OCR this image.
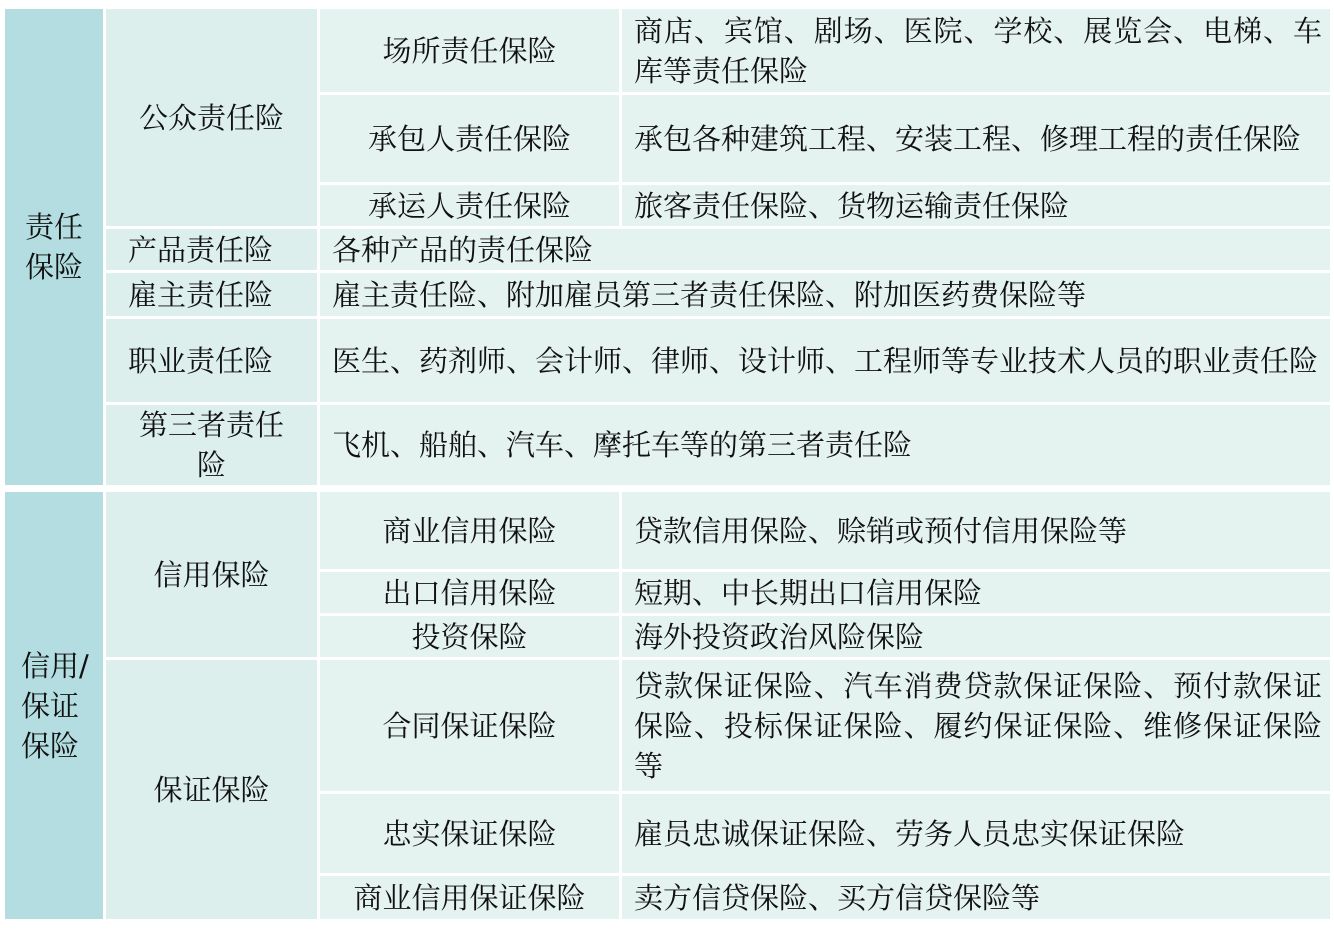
责任保险	公众责任险	场所责任保险	商店、宾馆、剧场、医院、学校、展览会、电梯、车库等责任保险
		承包人责任保险	承包各种建筑工程、安装工程、修理工程的责任保险
		承运人责任保险	旅客责任保险、货物运输责任保险
	产品责任险	各种产品的责任保险	
	雇主责任险	雇主责任险、附加雇员第三者责任保险、附加医药费保险等	
	职业责任险	医生、药剂师、会计师、律师、设计师、工程师等专业技术人员的职业责任险	

	第三者责任险	飞机、船舶、汽车、摩托车等的第三者责任险	

信用/保证保险	信用保险	商业信用保险	贷款信用保险、赊销或预付信用保险等
		出口信用保险	短期、中长期出口信用保险
		投资保险	海外投资政治风险保险
	保证保险	合同保证保险	贷款保证保险、汽车消费贷款保证保险、预付款保证保险、投标保证保险、履约保证保险、维修保证保险等
		忠实保证保险	雇员忠诚保证保险、劳务人员忠实保证保险
		商业信用保证保险	卖方信贷保险、买方信贷保险等
